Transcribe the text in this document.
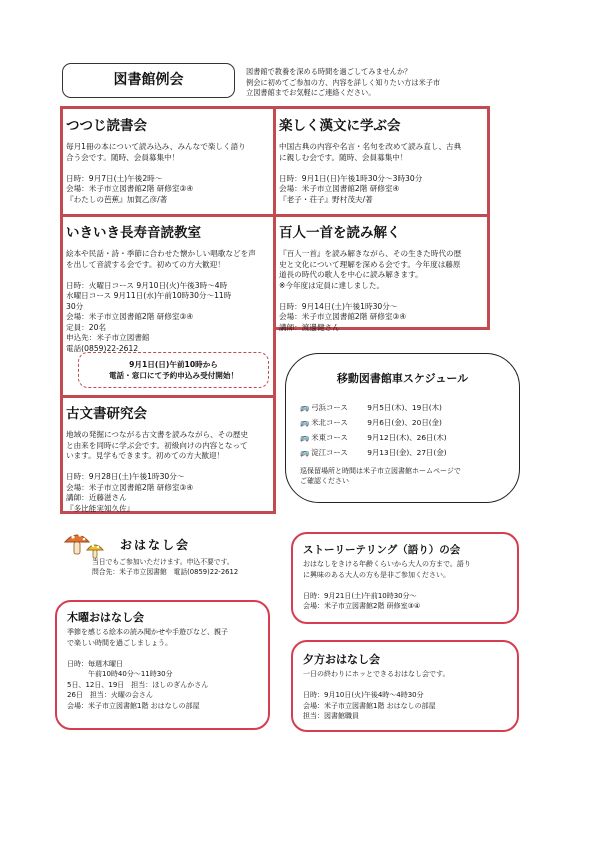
図書館例会
図書館で教養を深める時間を過ごしてみませんか？
例会に初めてご参加の方、内容を詳しく知りたい方は米子市
立図書館までお気軽にご連絡ください。
つつじ読書会
毎月1冊の本について読み込み、みんなで楽しく語り
合う会です。随時、会員募集中！

日時：9月7日(土)午後2時～
会場：米子市立図書館2階 研修室③④
『わたしの芭蕉』加賀乙彦/著
楽しく漢文に学ぶ会
中国古典の内容や名言・名句を改めて読み直し、古典
に親しむ会です。随時、会員募集中！

日時：9月1日(日)午後1時30分～3時30分
会場：米子市立図書館2階 研修室④
『老子・荘子』野村茂夫/著
いきいき長寿音読教室
絵本や民話・詩・季節に合わせた懐かしい唱歌などを声
を出して音読する会です。初めての方大歓迎！

日時：火曜日コース 9月10日(火)午後3時～4時
水曜日コース 9月11日(水)午前10時30分～11時
30分
会場：米子市立図書館2階 研修室③④
定員：20名
申込先：米子市立図書館
電話(0859)22-2612
9月1日(日)午前10時から
電話・窓口にて予約申込み受付開始！
百人一首を読み解く
『百人一首』を読み解きながら、その生きた時代の歴
史と文化について理解を深める会です。今年度は藤原
道長の時代の歌人を中心に読み解きます。
※今年度は定員に達しました。

日時：9月14日(土)午後1時30分～
会場：米子市立図書館2階 研修室③④
講師：渡邊健さん
古文書研究会
地域の発掘につながる古文書を読みながら、その歴史
と由来を同時に学ぶ会です。初級向けの内容となって
います。見学もできます。初めての方大歓迎！

日時：9月28日(土)午後1時30分～
会場：米子市立図書館2階 研修室③④
講師：近藤滋さん
『多比能実知久佐』
移動図書館車スケジュール
🚌 弓浜コース	9月5日(木)、19日(木)
🚌 米北コース	9月6日(金)、20日(金)
🚌 米東コース	9月12日(木)、26日(木)
🚌 淀江コース	9月13日(金)、27日(金)
巡保留場所と時間は米子市立図書館ホームページで
ご確認ください
おはなし会
当日でもご参加いただけます。申込不要です。
問合先：米子市立図書館　電話(0859)22-2612
木曜おはなし会
季節を感じる絵本の読み聞かせや手遊びなど、親子
で楽しい時間を過ごしましょう。

日時：毎週木曜日
　　　午前10時40分～11時30分
5日、12日、19日　担当：ほしのぎんかさん
26日　担当：火曜の会さん
会場：米子市立図書館1階 おはなしの部屋
ストーリーテリング（語り）の会
おはなしをきける年齢くらいから大人の方まで。語り
に興味のある大人の方も是非ご参加ください。

日時：9月21日(土)午前10時30分～
会場：米子市立図書館2階 研修室③④
夕方おはなし会
一日の終わりにホッとできるおはなし会です。

日時：9月10日(火)午後4時～4時30分
会場：米子市立図書館1階 おはなしの部屋
担当：図書館職員
